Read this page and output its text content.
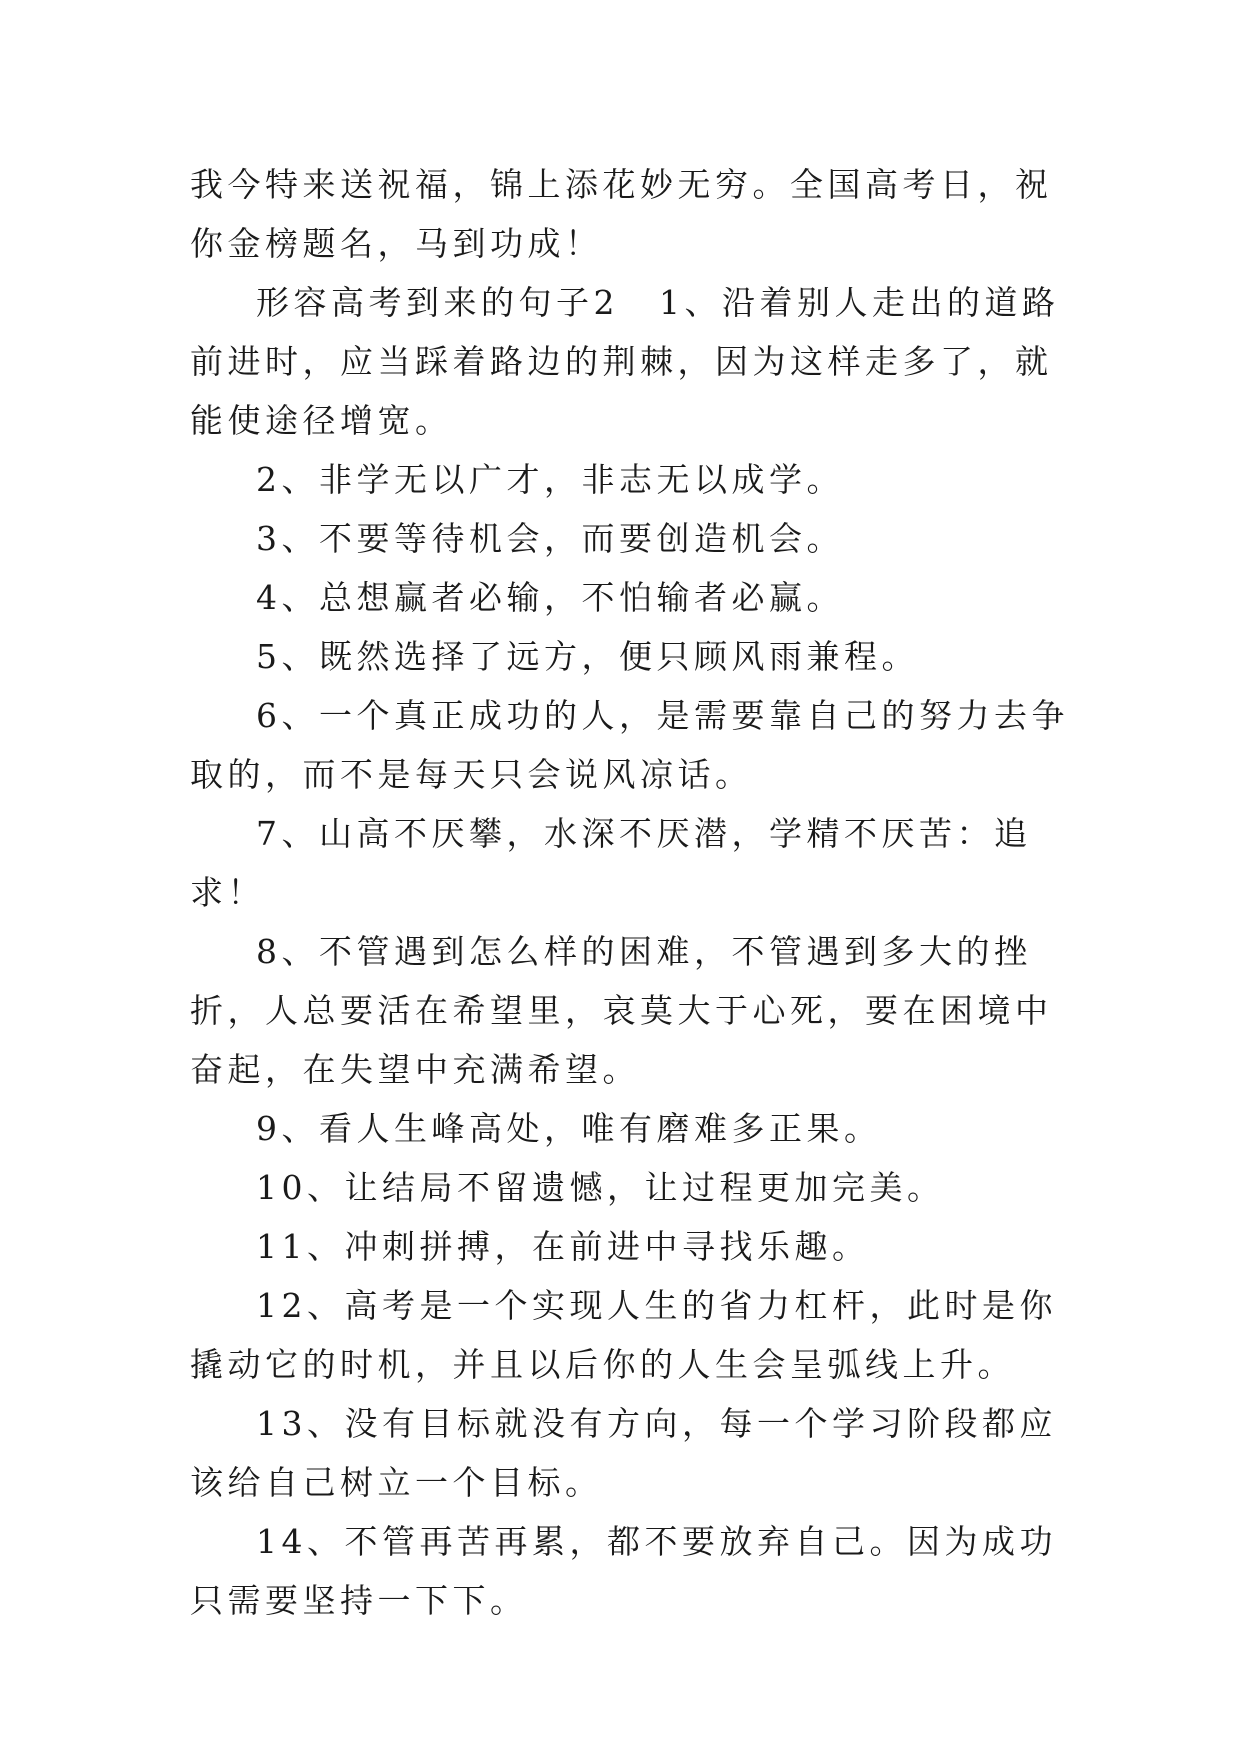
我今特来送祝福，锦上添花妙无穷。全国高考日，祝你金榜题名，马到功成！

形容高考到来的句子2 1、沿着别人走出的道路前进时，应当踩着路边的荆棘，因为这样走多了，就能使途径增宽。

2、非学无以广才，非志无以成学。

3、不要等待机会，而要创造机会。

4、总想赢者必输，不怕输者必赢。

5、既然选择了远方，便只顾风雨兼程。

6、一个真正成功的人，是需要靠自己的努力去争取的，而不是每天只会说风凉话。

7、山高不厌攀，水深不厌潜，学精不厌苦：追求！

8、不管遇到怎么样的困难，不管遇到多大的挫折，人总要活在希望里，哀莫大于心死，要在困境中奋起，在失望中充满希望。

9、看人生峰高处，唯有磨难多正果。

10、让结局不留遗憾，让过程更加完美。

11、冲刺拼搏，在前进中寻找乐趣。

12、高考是一个实现人生的省力杠杆，此时是你撬动它的时机，并且以后你的人生会呈弧线上升。

13、没有目标就没有方向，每一个学习阶段都应该给自己树立一个目标。

14、不管再苦再累，都不要放弃自己。因为成功只需要坚持一下下。
